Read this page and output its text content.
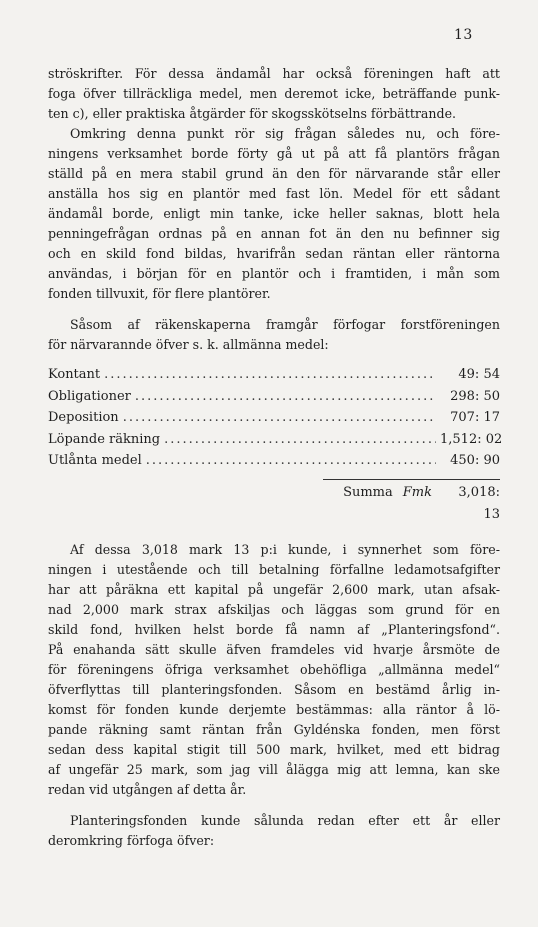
13

ströskrifter. För dessa ändamål har också föreningen haft att

foga öfver tillräckliga medel, men deremot icke, beträffande punk-

ten c), eller praktiska åtgärder för skogsskötselns förbättrande.

Omkring denna punkt rör sig frågan således nu, och före-

ningens verksamhet borde förty gå ut på att få plantörs frågan

ställd på en mera stabil grund än den för närvarande står eller

anställa hos sig en plantör med fast lön. Medel för ett sådant

ändamål borde, enligt min tanke, icke heller saknas, blott hela

penningefrågan ordnas på en annan fot än den nu befinner sig

och en skild fond bildas, hvarifrån sedan räntan eller räntorna

användas, i början för en plantör och i framtiden, i mån som

fonden tillvuxit, för flere plantörer.

Såsom af räkenskaperna framgår förfogar forstföreningen

för närvarannde öfver s. k. allmänna medel:

Kontant .....	49: 54
Obligationer .....	298: 50
Deposition .....	707: 17
Löpande räkning .....	1,512: 02
Utlånta medel .....	450: 90
Summa Fmk	3,018: 13

Af dessa 3,018 mark 13 p:i kunde, i synnerhet som före-

ningen i utestående och till betalning förfallne ledamotsafgifter

har att påräkna ett kapital på ungefär 2,600 mark, utan afsak-

nad 2,000 mark strax afskiljas och läggas som grund för en

skild fond, hvilken helst borde få namn af „Planteringsfond“.

På enahanda sätt skulle äfven framdeles vid hvarje årsmöte de

för föreningens öfriga verksamhet obehöfliga „allmänna medel“

öfverflyttas till planteringsfonden. Såsom en bestämd årlig in-

komst för fonden kunde derjemte bestämmas: alla räntor å lö-

pande räkning samt räntan från Gyldénska fonden, men först

sedan dess kapital stigit till 500 mark, hvilket, med ett bidrag

af ungefär 25 mark, som jag vill ålägga mig att lemna, kan ske

redan vid utgången af detta år.

Planteringsfonden kunde sålunda redan efter ett år eller

deromkring förfoga öfver:
